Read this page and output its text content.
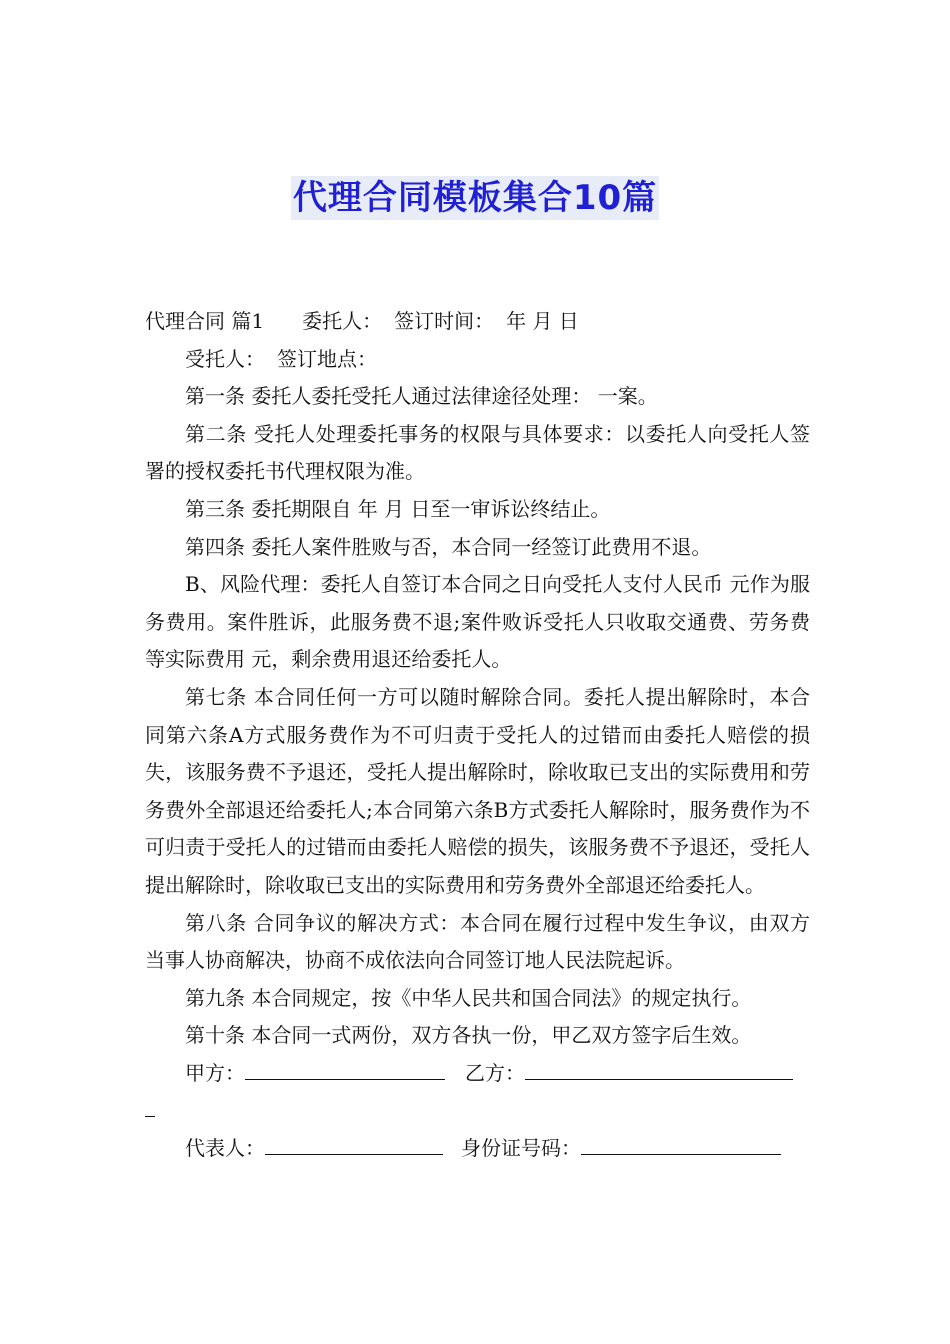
代理合同模板集合10篇

代理合同 篇1 委托人： 签订时间： 年 月 日

受托人： 签订地点：

第一条 委托人委托受托人通过法律途径处理： 一案。

第二条 受托人处理委托事务的权限与具体要求：以委托人向受托人签署的授权委托书代理权限为准。

第三条 委托期限自 年 月 日至一审诉讼终结止。

第四条 委托人案件胜败与否，本合同一经签订此费用不退。

B、风险代理：委托人自签订本合同之日向受托人支付人民币 元作为服务费用。案件胜诉，此服务费不退;案件败诉受托人只收取交通费、劳务费等实际费用 元，剩余费用退还给委托人。

第七条 本合同任何一方可以随时解除合同。委托人提出解除时，本合同第六条A方式服务费作为不可归责于受托人的过错而由委托人赔偿的损失，该服务费不予退还，受托人提出解除时，除收取已支出的实际费用和劳务费外全部退还给委托人;本合同第六条B方式委托人解除时，服务费作为不可归责于受托人的过错而由委托人赔偿的损失，该服务费不予退还，受托人提出解除时，除收取已支出的实际费用和劳务费外全部退还给委托人。

第八条 合同争议的解决方式：本合同在履行过程中发生争议，由双方当事人协商解决，协商不成依法向合同签订地人民法院起诉。

第九条 本合同规定，按《中华人民共和国合同法》的规定执行。

第十条 本合同一式两份，双方各执一份，甲乙双方签字后生效。

甲方：	乙方：

代表人：	身份证号码：
